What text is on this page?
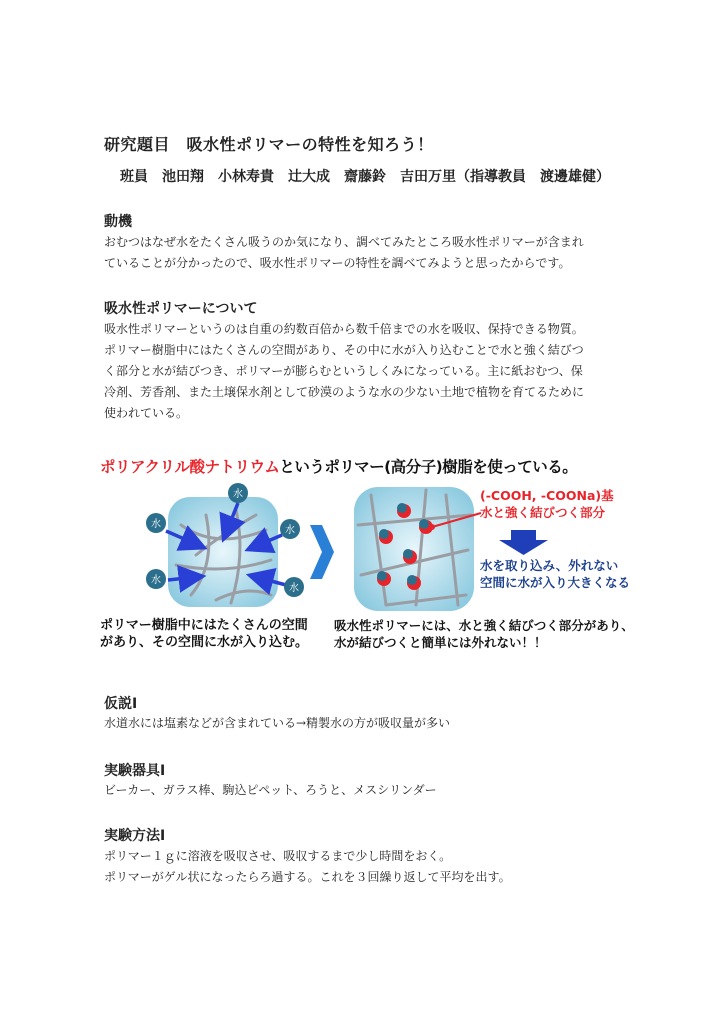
研究題目　吸水性ポリマーの特性を知ろう！
班員　池田翔　小林寿貴　辻大成　齋藤鈴　吉田万里（指導教員　渡邊雄健）
動機
おむつはなぜ水をたくさん吸うのか気になり、調べてみたところ吸水性ポリマーが含まれ
ていることが分かったので、吸水性ポリマーの特性を調べてみようと思ったからです。
吸水性ポリマーについて
吸水性ポリマーというのは自重の約数百倍から数千倍までの水を吸収、保持できる物質。
ポリマー樹脂中にはたくさんの空間があり、その中に水が入り込むことで水と強く結びつ
く部分と水が結びつき、ポリマーが膨らむというしくみになっている。主に紙おむつ、保
冷剤、芳香剤、また土壌保水剤として砂漠のような水の少ない土地で植物を育てるために
使われている。
ポリアクリル酸ナトリウムというポリマー(高分子)樹脂を使っている。
水
水
水
水
水
(-COOH, -COONa)基
水と強く結びつく部分
水を取り込み、外れない
空間に水が入り大きくなる
ポリマー樹脂中にはたくさんの空間
があり、その空間に水が入り込む。
吸水性ポリマーには、水と強く結びつく部分があり、
水が結びつくと簡単には外れない！！
仮説Ⅰ
水道水には塩素などが含まれている→精製水の方が吸収量が多い
実験器具Ⅰ
ビーカー、ガラス棒、駒込ピペット、ろうと、メスシリンダー
実験方法Ⅰ
ポリマー１ｇに溶液を吸収させ、吸収するまで少し時間をおく。
ポリマーがゲル状になったらろ過する。これを３回繰り返して平均を出す。
